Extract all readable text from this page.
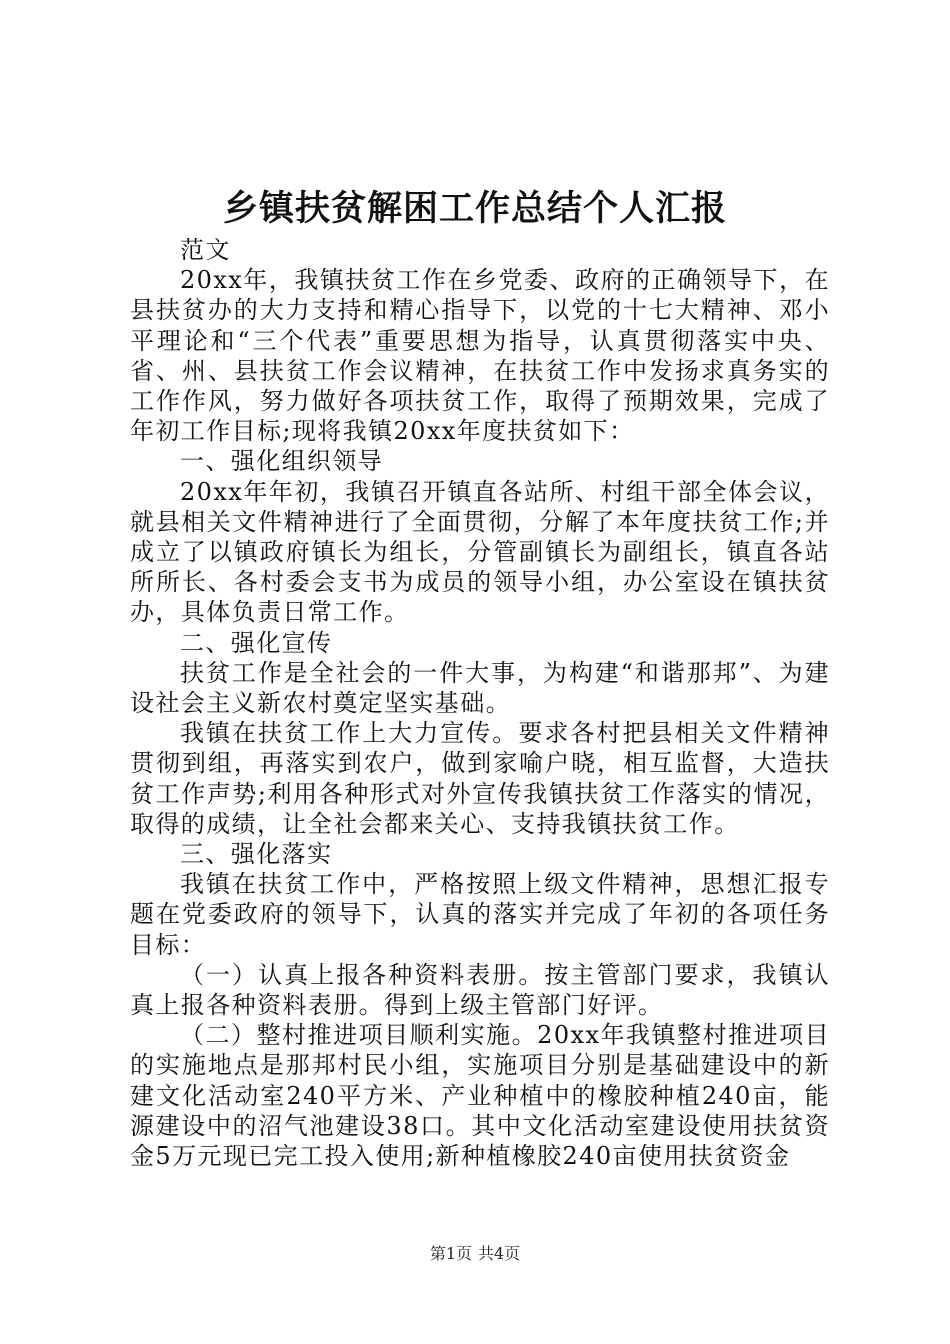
乡镇扶贫解困工作总结个人汇报

范文

20xx年，我镇扶贫工作在乡党委、政府的正确领导下，在县扶贫办的大力支持和精心指导下，以党的十七大精神、邓小平理论和“三个代表”重要思想为指导，认真贯彻落实中央、省、州、县扶贫工作会议精神，在扶贫工作中发扬求真务实的工作作风，努力做好各项扶贫工作，取得了预期效果，完成了年初工作目标;现将我镇20xx年度扶贫如下：

一、强化组织领导

20xx年年初，我镇召开镇直各站所、村组干部全体会议，就县相关文件精神进行了全面贯彻，分解了本年度扶贫工作;并成立了以镇政府镇长为组长，分管副镇长为副组长，镇直各站所所长、各村委会支书为成员的领导小组，办公室设在镇扶贫办，具体负责日常工作。

二、强化宣传

扶贫工作是全社会的一件大事，为构建“和谐那邦”、为建设社会主义新农村奠定坚实基础。

我镇在扶贫工作上大力宣传。要求各村把县相关文件精神贯彻到组，再落实到农户，做到家喻户晓，相互监督，大造扶贫工作声势;利用各种形式对外宣传我镇扶贫工作落实的情况，取得的成绩，让全社会都来关心、支持我镇扶贫工作。

三、强化落实

我镇在扶贫工作中，严格按照上级文件精神，思想汇报专题在党委政府的领导下，认真的落实并完成了年初的各项任务目标：

（一）认真上报各种资料表册。按主管部门要求，我镇认真上报各种资料表册。得到上级主管部门好评。

（二）整村推进项目顺利实施。20xx年我镇整村推进项目的实施地点是那邦村民小组，实施项目分别是基础建设中的新建文化活动室240平方米、产业种植中的橡胶种植240亩，能源建设中的沼气池建设38口。其中文化活动室建设使用扶贫资金5万元现已完工投入使用;新种植橡胶240亩使用扶贫资金

第1页 共4页
